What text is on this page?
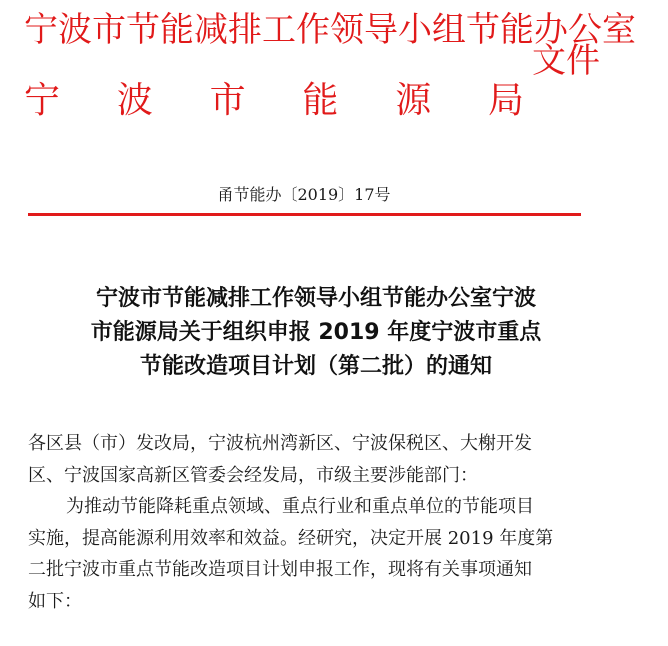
宁波市节能减排工作领导小组节能办公室
宁 波 市 能 源 局
文件
甬节能办〔2019〕17号
宁波市节能减排工作领导小组节能办公室宁波
市能源局关于组织申报 2019 年度宁波市重点
节能改造项目计划（第二批）的通知

各区县（市）发改局，宁波杭州湾新区、宁波保税区、大榭开发
区、宁波国家高新区管委会经发局，市级主要涉能部门：

为推动节能降耗重点领域、重点行业和重点单位的节能项目
实施，提高能源利用效率和效益。经研究，决定开展 2019 年度第
二批宁波市重点节能改造项目计划申报工作，现将有关事项通知
如下：
